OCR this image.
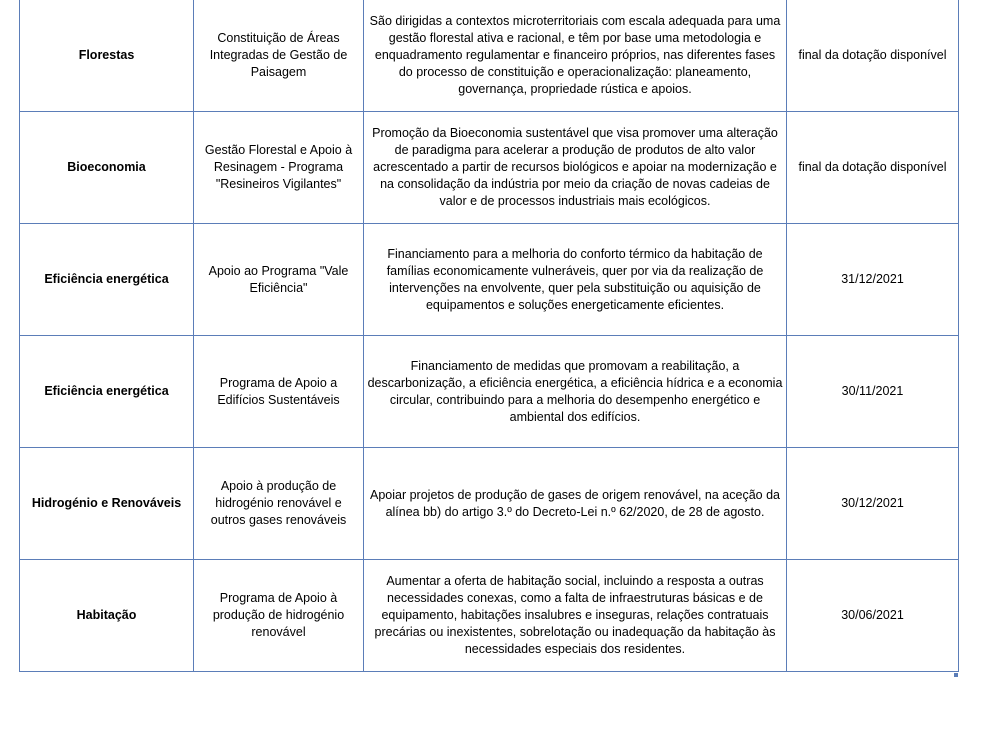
Florestas	Constituição de Áreas Integradas de Gestão de Paisagem	São dirigidas a contextos microterritoriais com escala adequada para uma gestão florestal ativa e racional, e têm por base uma metodologia e enquadramento regulamentar e financeiro próprios, nas diferentes fases do processo de constituição e operacionalização: planeamento, governança, propriedade rústica e apoios.	final da dotação disponível
Bioeconomia	Gestão Florestal e Apoio à Resinagem - Programa "Resineiros Vigilantes"	Promoção da Bioeconomia sustentável que visa promover uma alteração de paradigma para acelerar a produção de produtos de alto valor acrescentado a partir de recursos biológicos e apoiar na modernização e na consolidação da indústria por meio da criação de novas cadeias de valor e de processos industriais mais ecológicos.	final da dotação disponível
Eficiência energética	Apoio ao Programa "Vale Eficiência"	Financiamento para a melhoria do conforto térmico da habitação de famílias economicamente vulneráveis, quer por via da realização de intervenções na envolvente, quer pela substituição ou aquisição de equipamentos e soluções energeticamente eficientes.	31/12/2021
Eficiência energética	Programa de Apoio a Edifícios Sustentáveis	Financiamento de medidas que promovam a reabilitação, a descarbonização, a eficiência energética, a eficiência hídrica e a economia circular, contribuindo para a melhoria do desempenho energético e ambiental dos edifícios.	30/11/2021
Hidrogénio e Renováveis	Apoio à produção de hidrogénio renovável e outros gases renováveis	Apoiar projetos de produção de gases de origem renovável, na aceção da alínea bb) do artigo 3.º do Decreto-Lei n.º 62/2020, de 28 de agosto.	30/12/2021
Habitação	Programa de Apoio à produção de hidrogénio renovável	Aumentar a oferta de habitação social, incluindo a resposta a outras necessidades conexas, como a falta de infraestruturas básicas e de equipamento, habitações insalubres e inseguras, relações contratuais precárias ou inexistentes, sobrelotação ou inadequação da habitação às necessidades especiais dos residentes.	30/06/2021
